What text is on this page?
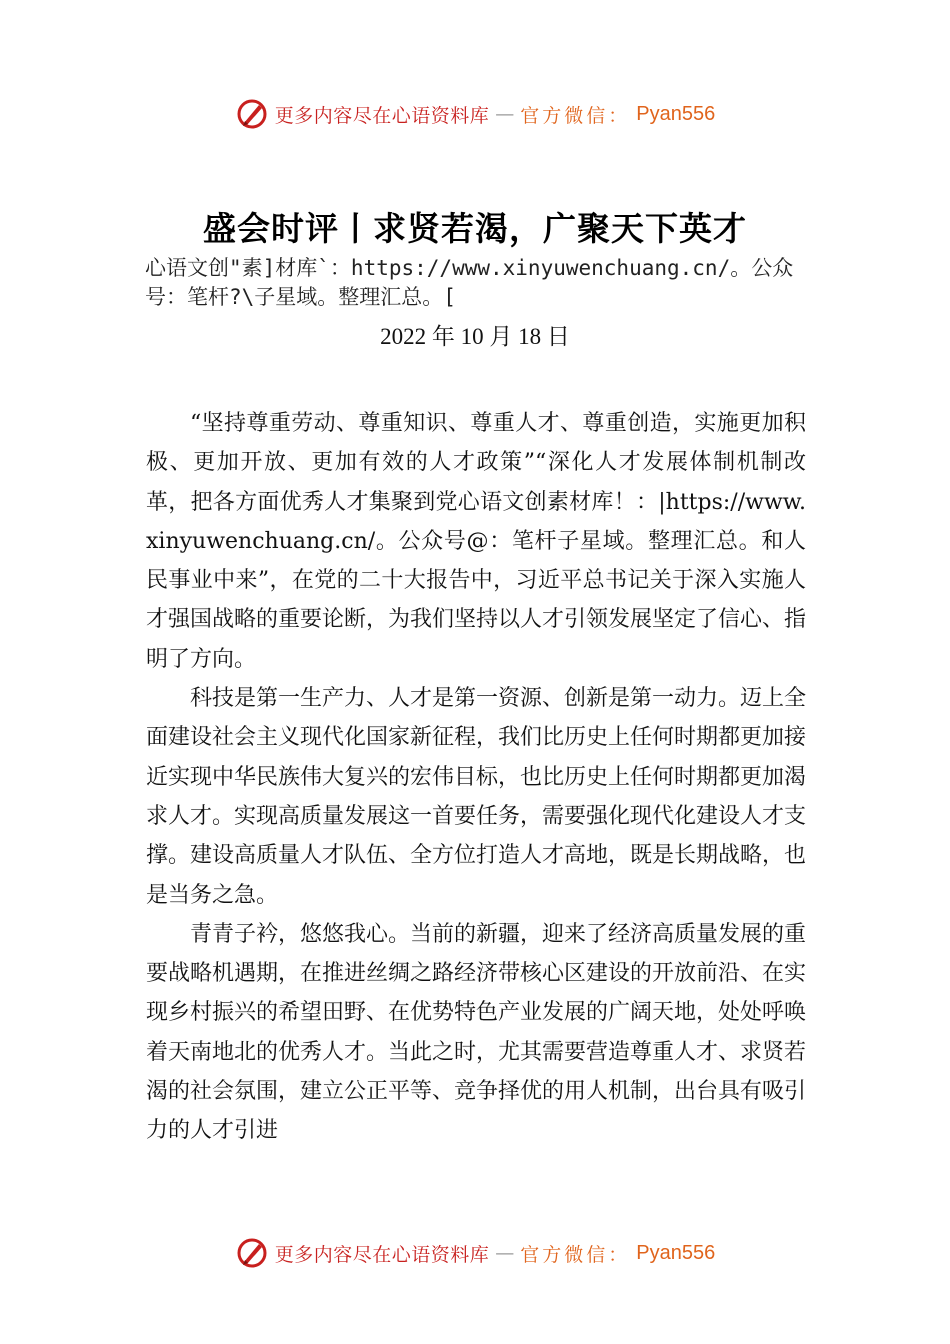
更多内容尽在心语资料库 — 官方微信： Pyan556
盛会时评丨求贤若渴，广聚天下英才

心语文创"素]材库`：https://www.xinyuwenchuang.cn/。公众号：笔杆?\子星域。整理汇总。[

2022 年 10 月 18 日

“坚持尊重劳动、尊重知识、尊重人才、尊重创造，实施更加积极、更加开放、更加有效的人才政策”“深化人才发展体制机制改革，把各方面优秀人才集聚到党心语文创素材库！：|https://www.xinyuwenchuang.cn/。公众号@：笔杆子星域。整理汇总。和人民事业中来”，在党的二十大报告中，习近平总书记关于深入实施人才强国战略的重要论断，为我们坚持以人才引领发展坚定了信心、指明了方向。

科技是第一生产力、人才是第一资源、创新是第一动力。迈上全面建设社会主义现代化国家新征程，我们比历史上任何时期都更加接近实现中华民族伟大复兴的宏伟目标，也比历史上任何时期都更加渴求人才。实现高质量发展这一首要任务，需要强化现代化建设人才支撑。建设高质量人才队伍、全方位打造人才高地，既是长期战略，也是当务之急。

青青子衿，悠悠我心。当前的新疆，迎来了经济高质量发展的重要战略机遇期，在推进丝绸之路经济带核心区建设的开放前沿、在实现乡村振兴的希望田野、在优势特色产业发展的广阔天地，处处呼唤着天南地北的优秀人才。当此之时，尤其需要营造尊重人才、求贤若渴的社会氛围，建立公正平等、竞争择优的用人机制，出台具有吸引力的人才引进

更多内容尽在心语资料库 — 官方微信： Pyan556
